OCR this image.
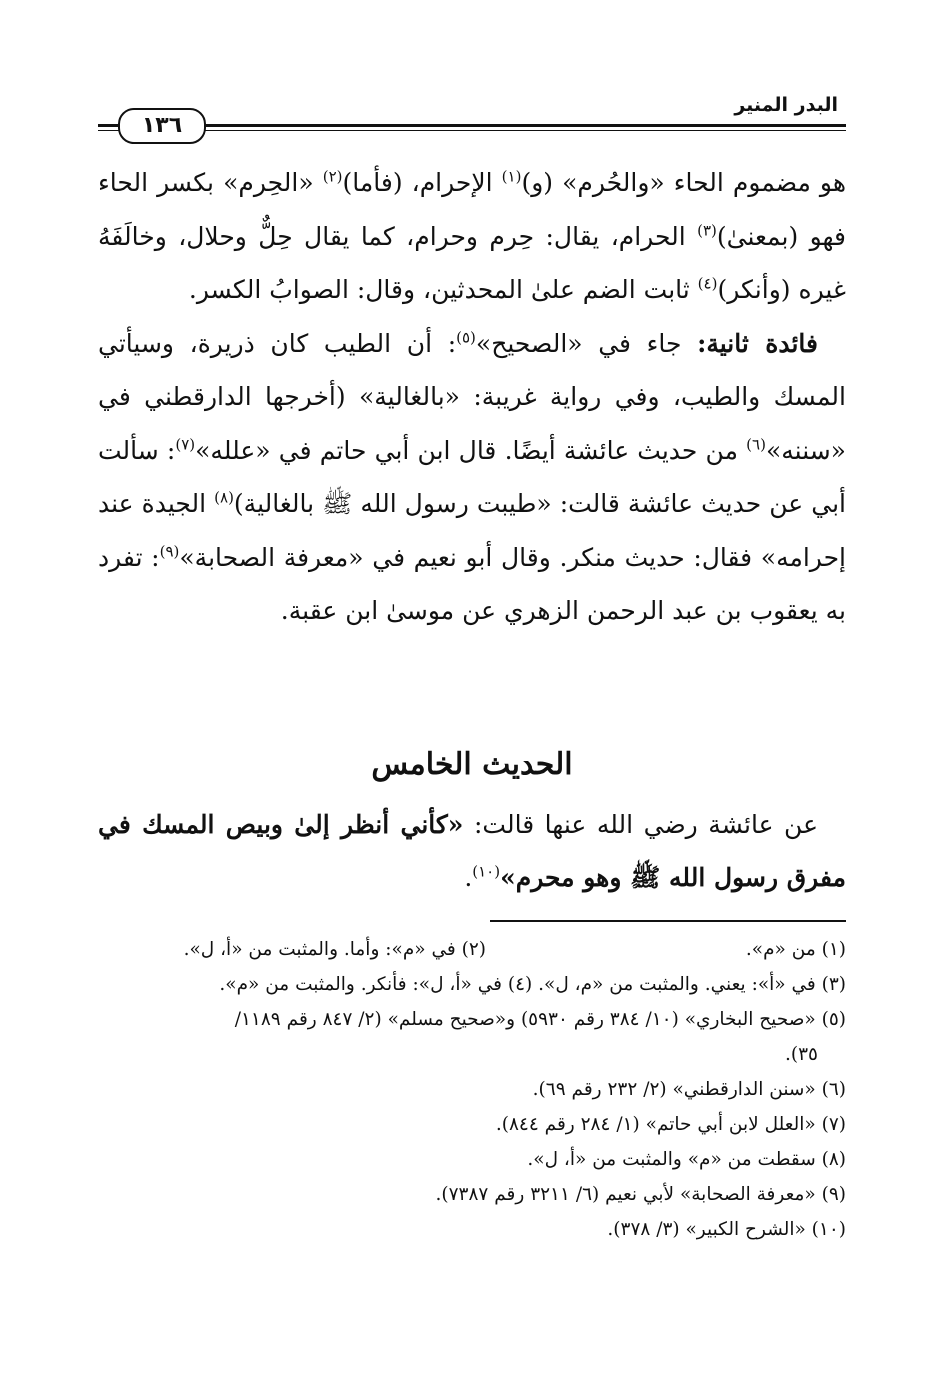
البدر المنير
١٣٦

هو مضموم الحاء «والحُرم» (و)$^{(١)}$ الإحرام، (فأما)$^{(٢)}$ «الحِرم» بكسر الحاء فهو (بمعنىٰ)$^{(٣)}$ الحرام، يقال: حِرم وحرام، كما يقال حِلٌّ وحلال، وخالَفَهُ غيره (وأنكر)$^{(٤)}$ ثابت الضم علىٰ المحدثين، وقال: الصوابُ الكسر.

فائدة ثانية: جاء في «الصحيح»$^{(٥)}$: أن الطيب كان ذريرة، وسيأتي المسك والطيب، وفي رواية غريبة: «بالغالية» (أخرجها الدارقطني في «سننه»$^{(٦)}$ من حديث عائشة أيضًا. قال ابن أبي حاتم في «علله»$^{(٧)}$: سألت أبي عن حديث عائشة قالت: «طيبت رسول الله ﷺ بالغالية)$^{(٨)}$ الجيدة عند إحرامه» فقال: حديث منكر. وقال أبو نعيم في «معرفة الصحابة»$^{(٩)}$: تفرد به يعقوب بن عبد الرحمن الزهري عن موسىٰ ابن عقبة.

الحديث الخامس

عن عائشة رضي الله عنها قالت: «كأني أنظر إلىٰ وبيص المسك في مفرق رسول الله ﷺ وهو محرم»$^{(١٠)}$.

(١) من «م».
(٢) في «م»: وأما. والمثبت من «أ، ل».
(٣) في «أ»: يعني. والمثبت من «م، ل». (٤) في «أ، ل»: فأنكر. والمثبت من «م».
(٥) «صحيح البخاري» (١٠/ ٣٨٤ رقم ٥٩٣٠) و«صحيح مسلم» (٢/ ٨٤٧ رقم ١١٨٩/
٣٥).
(٦) «سنن الدارقطني» (٢/ ٢٣٢ رقم ٦٩).
(٧) «العلل لابن أبي حاتم» (١/ ٢٨٤ رقم ٨٤٤).
(٨) سقطت من «م» والمثبت من «أ، ل».
(٩) «معرفة الصحابة» لأبي نعيم (٦/ ٣٢١١ رقم ٧٣٨٧).
(١٠) «الشرح الكبير» (٣/ ٣٧٨).
